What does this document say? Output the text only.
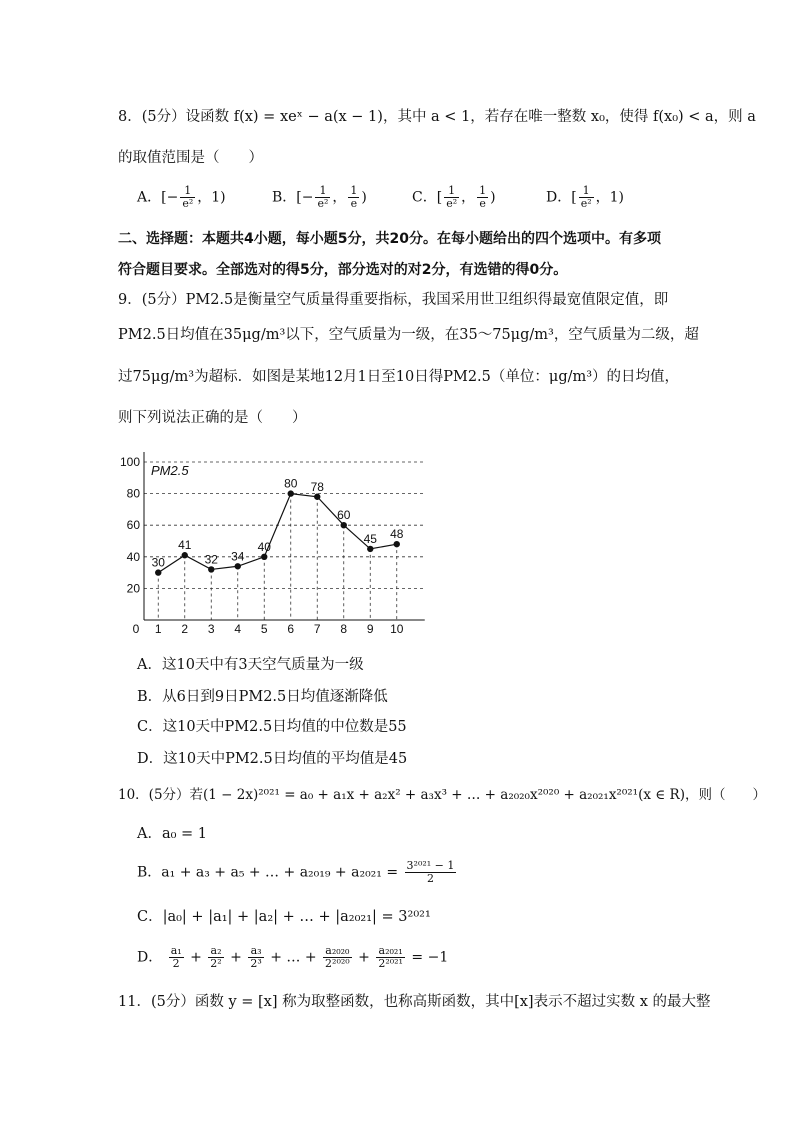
8．(5分）设函数 f(x) = xeˣ − a(x − 1)，其中 a < 1，若存在唯一整数 x₀，使得 f(x₀) < a，则 a
的取值范围是（　　）
A．[− $\frac{1}{\text{e²}}$ ，1)	B．[− $\frac{1}{\text{e²}}$ ， $\frac{1}{e}$ )	C．[ $\frac{1}{\text{e²}}$ ， $\frac{1}{e}$ )	D．[ $\frac{1}{\text{e²}}$ ，1)
二、选择题：本题共4小题，每小题5分，共20分。在每小题给出的四个选项中。有多项
符合题目要求。全部选对的得5分，部分选对的对2分，有选错的得0分。
9．(5分）PM2.5是衡量空气质量得重要指标，我国采用世卫组织得最宽值限定值，即
PM2.5日均值在35μg/m³以下，空气质量为一级，在35～75μg/m³，空气质量为二级，超
过75μg/m³为超标．如图是某地12月1日至10日得PM2.5（单位：μg/m³）的日均值，
则下列说法正确的是（　　）
20
40
60
80
100
0 1 2 3 4 5 6 7 8 9 10
30
41
32 34
40
80 78
60
45 48
PM2.5
A．这10天中有3天空气质量为一级
B．从6日到9日PM2.5日均值逐渐降低
C．这10天中PM2.5日均值的中位数是55
D．这10天中PM2.5日均值的平均值是45
10．(5分）若(1 − 2x)²⁰²¹ = a₀ + a₁x + a₂x² + a₃x³ + … + a₂₀₂₀x²⁰²⁰ + a₂₀₂₁x²⁰²¹(x ∈ R)，则（　　）
A．a₀ = 1
B．a₁ + a₃ + a₅ + … + $a_{2019} + a_{2021} = \frac{\text{3²⁰²¹ − 1}}{2}$
C．|a₀| + |a₁| + |a₂| + … + |a₂₀₂₁| = 3²⁰²¹
D． $\frac{\text{a₁}}{2} + \frac{\text{a₂}}{\text{2²}} + \frac{\text{a₃}}{\text{2³}}$ + … + $\frac{\text{a₂₀₂₀}}{\text{2²⁰²⁰}} + \frac{\text{a₂₀₂₁}}{\text{2²⁰²¹}} = -1$
11．(5分）函数 y = [x] 称为取整函数，也称高斯函数，其中[x]表示不超过实数 x 的最大整
